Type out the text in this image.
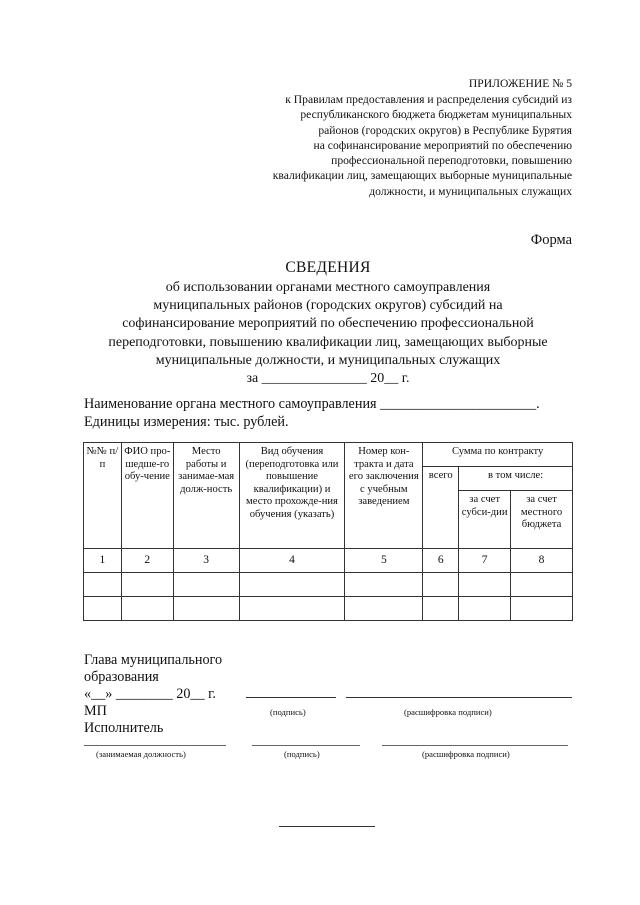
ПРИЛОЖЕНИЕ № 5
к Правилам предоставления и распределения субсидий из
республиканского бюджета бюджетам муниципальных
районов (городских округов) в Республике Бурятия
на софинансирование мероприятий по обеспечению
профессиональной переподготовки, повышению
квалификации лиц, замещающих выборные муниципальные
должности, и муниципальных служащих
Форма
СВЕДЕНИЯ
об использовании органами местного самоуправления
муниципальных районов (городских округов) субсидий на
софинансирование мероприятий по обеспечению профессиональной
переподготовки, повышению квалификации лиц, замещающих выборные
муниципальные должности, и муниципальных служащих
за _______________ 20__ г.
Наименование органа местного самоуправления ______________________.
Единицы измерения: тыс. рублей.
№№ п/п	ФИО про-шедше-го обу-чение	Место работы и занимае-мая долж-ность	Вид обучения (переподготовка или повышение квалификации) и место прохожде-ния обучения (указать)	Номер кон-тракта и дата его заключения с учебным заведением	Сумма по контракту		
					всего	в том числе:	
						за счет субси-дии	за счет местного бюджета
1	2	3	4	5	6	7	8

Глава муниципального
образования
«__» ________ 20__ г.
(подпись)	(расшифровка подписи)
МП
Исполнитель
(занимаемая должность)	(подпись)	(расшифровка подписи)
